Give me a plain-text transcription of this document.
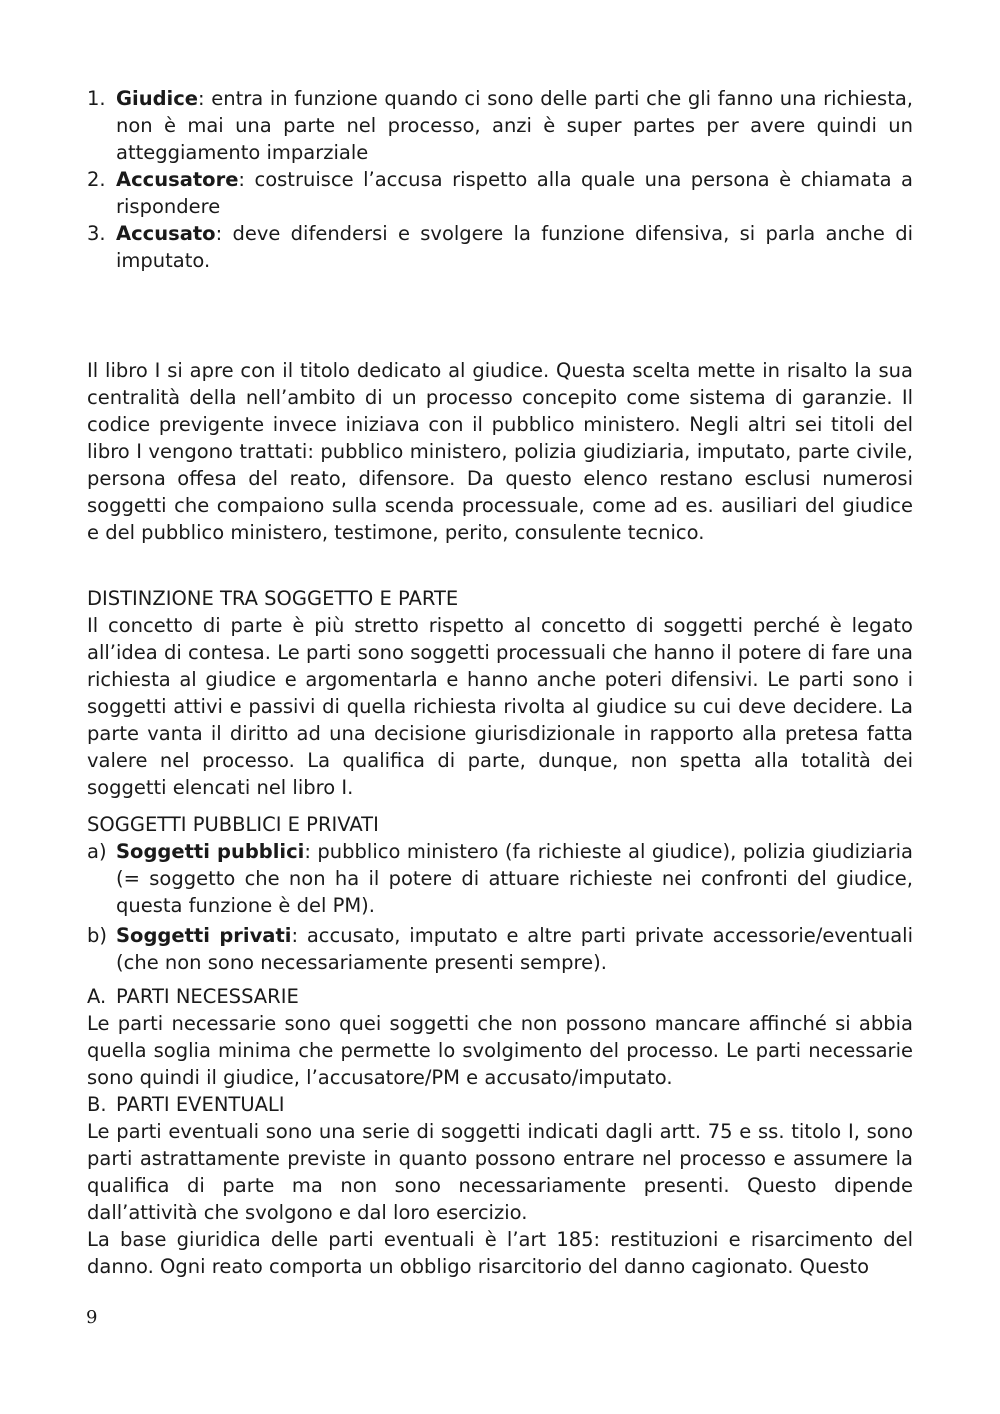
1. Giudice: entra in funzione quando ci sono delle parti che gli fanno una richiesta, non è mai una parte nel processo, anzi è super partes per avere quindi un atteggiamento imparziale
2. Accusatore: costruisce l’accusa rispetto alla quale una persona è chiamata a rispondere
3. Accusato: deve difendersi e svolgere la funzione difensiva, si parla anche di imputato.

Il libro I si apre con il titolo dedicato al giudice. Questa scelta mette in risalto la sua centralità della nell’ambito di un processo concepito come sistema di garanzie. Il codice previgente invece iniziava con il pubblico ministero. Negli altri sei titoli del libro I vengono trattati: pubblico ministero, polizia giudiziaria, imputato, parte civile, persona offesa del reato, difensore. Da questo elenco restano esclusi numerosi soggetti che compaiono sulla scenda processuale, come ad es. ausiliari del giudice e del pubblico ministero, testimone, perito, consulente tecnico.

DISTINZIONE TRA SOGGETTO E PARTE

Il concetto di parte è più stretto rispetto al concetto di soggetti perché è legato all’idea di contesa. Le parti sono soggetti processuali che hanno il potere di fare una richiesta al giudice e argomentarla e hanno anche poteri difensivi. Le parti sono i soggetti attivi e passivi di quella richiesta rivolta al giudice su cui deve decidere. La parte vanta il diritto ad una decisione giurisdizionale in rapporto alla pretesa fatta valere nel processo. La qualifica di parte, dunque, non spetta alla totalità dei soggetti elencati nel libro I.

SOGGETTI PUBBLICI E PRIVATI

a) Soggetti pubblici: pubblico ministero (fa richieste al giudice), polizia giudiziaria (= soggetto che non ha il potere di attuare richieste nei confronti del giudice, questa funzione è del PM).
b) Soggetti privati: accusato, imputato e altre parti private accessorie/eventuali (che non sono necessariamente presenti sempre).
A. PARTI NECESSARIE

Le parti necessarie sono quei soggetti che non possono mancare affinché si abbia quella soglia minima che permette lo svolgimento del processo. Le parti necessarie sono quindi il giudice, l’accusatore/PM e accusato/imputato.

B. PARTI EVENTUALI

Le parti eventuali sono una serie di soggetti indicati dagli artt. 75 e ss. titolo I, sono parti astrattamente previste in quanto possono entrare nel processo e assumere la qualifica di parte ma non sono necessariamente presenti. Questo dipende dall’attività che svolgono e dal loro esercizio.

La base giuridica delle parti eventuali è l’art 185: restituzioni e risarcimento del danno. Ogni reato comporta un obbligo risarcitorio del danno cagionato. Questo

9
